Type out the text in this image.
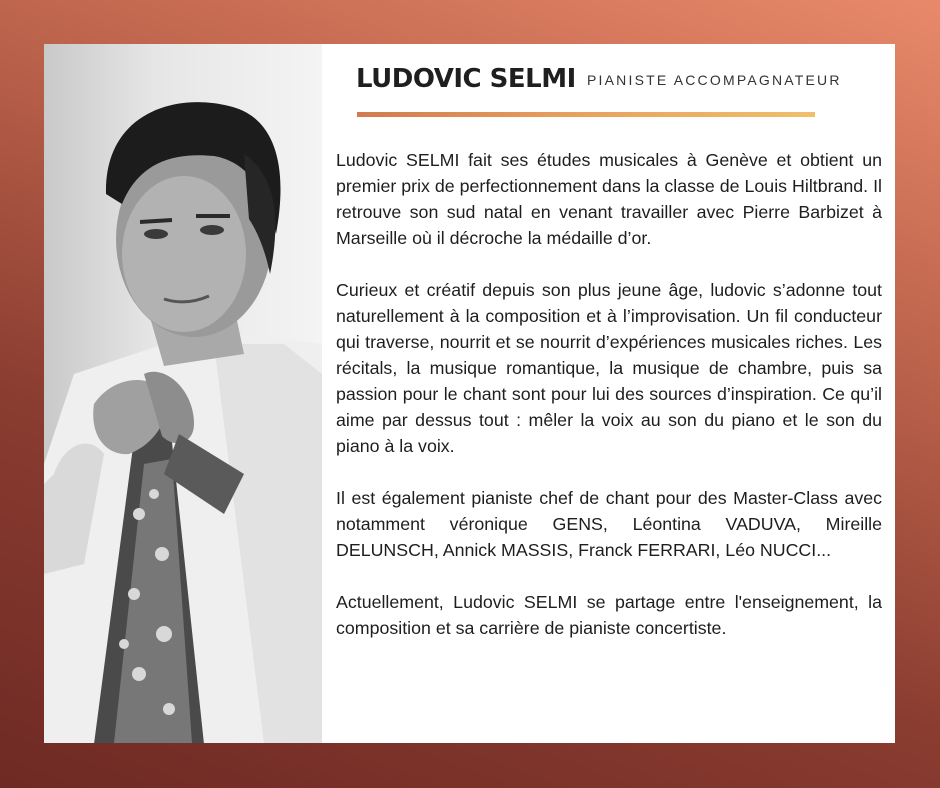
LUDOVIC SELMI PIANISTE ACCOMPAGNATEUR

Ludovic SELMI fait ses études musicales à Genève et obtient un premier prix de perfectionnement dans la classe de Louis Hiltbrand. Il retrouve son sud natal en venant travailler avec Pierre Barbizet à Marseille où il décroche la médaille d’or.

Curieux et créatif depuis son plus jeune âge, ludovic s’adonne tout naturellement à la composition et à l’improvisation. Un fil conducteur qui traverse, nourrit et se nourrit d’expériences musicales riches. Les récitals, la musique romantique, la musique de chambre, puis sa passion pour le chant sont pour lui des sources d’inspiration. Ce qu’il aime par dessus tout : mêler la voix au son du piano et le son du piano à la voix.

Il est également pianiste chef de chant pour des Master-Class avec notamment véronique GENS, Léontina VADUVA, Mireille DELUNSCH, Annick MASSIS, Franck FERRARI, Léo NUCCI...

Actuellement, Ludovic SELMI se partage entre l'enseignement, la composition et sa carrière de pianiste concertiste.
